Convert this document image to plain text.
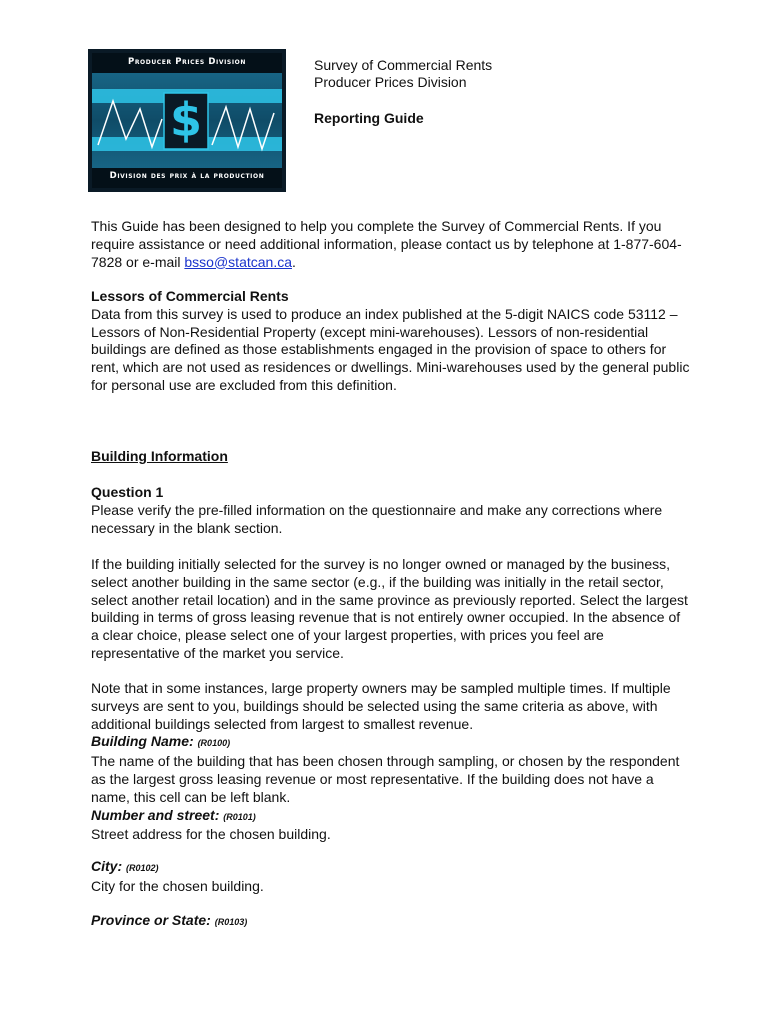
Producer Prices Division
$
Division des prix à la production
Survey of Commercial Rents
Producer Prices Division
Reporting Guide

This Guide has been designed to help you complete the Survey of Commercial Rents. If you require assistance or need additional information, please contact us by telephone at 1-877-604-7828 or e-mail bsso@statcan.ca.

Lessors of Commercial Rents

Data from this survey is used to produce an index published at the 5-digit NAICS code 53112 – Lessors of Non-Residential Property (except mini-warehouses). Lessors of non-residential buildings are defined as those establishments engaged in the provision of space to others for rent, which are not used as residences or dwellings. Mini-warehouses used by the general public for personal use are excluded from this definition.

Building Information

Question 1

Please verify the pre-filled information on the questionnaire and make any corrections where necessary in the blank section.

If the building initially selected for the survey is no longer owned or managed by the business, select another building in the same sector (e.g., if the building was initially in the retail sector, select another retail location) and in the same province as previously reported. Select the largest building in terms of gross leasing revenue that is not entirely owner occupied. In the absence of a clear choice, please select one of your largest properties, with prices you feel are representative of the market you service.

Note that in some instances, large property owners may be sampled multiple times. If multiple surveys are sent to you, buildings should be selected using the same criteria as above, with additional buildings selected from largest to smallest revenue.

Building Name: (R0100)

The name of the building that has been chosen through sampling, or chosen by the respondent as the largest gross leasing revenue or most representative. If the building does not have a name, this cell can be left blank.

Number and street: (R0101)

Street address for the chosen building.

City: (R0102)

City for the chosen building.

Province or State: (R0103)
